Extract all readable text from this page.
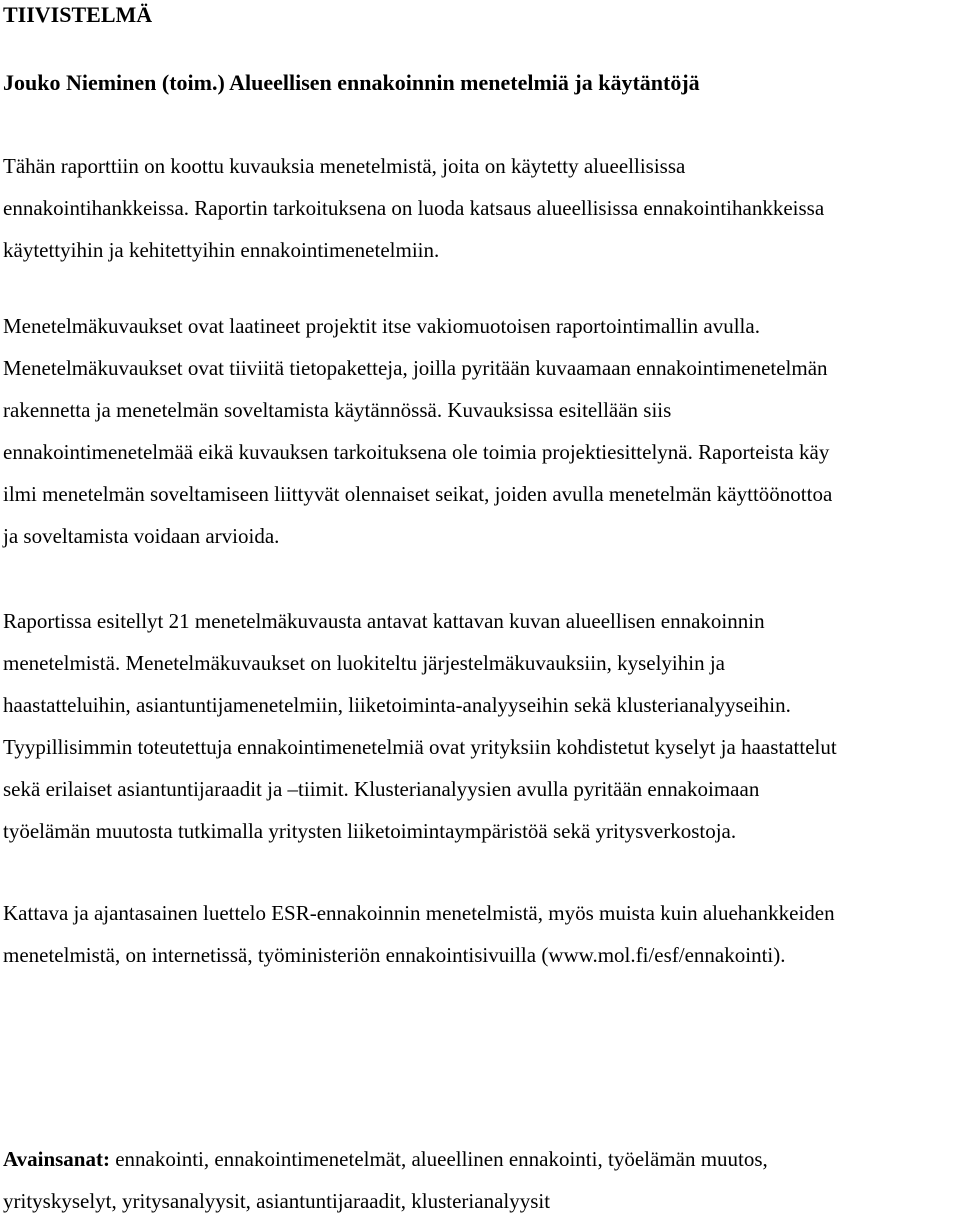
TIIVISTELMÄ
Jouko Nieminen (toim.) Alueellisen ennakoinnin menetelmiä ja käytäntöjä

Tähän raporttiin on koottu kuvauksia menetelmistä, joita on käytetty alueellisissa
ennakointihankkeissa. Raportin tarkoituksena on luoda katsaus alueellisissa ennakointihankkeissa
käytettyihin ja kehitettyihin ennakointimenetelmiin.

Menetelmäkuvaukset ovat laatineet projektit itse vakiomuotoisen raportointimallin avulla.
Menetelmäkuvaukset ovat tiiviitä tietopaketteja, joilla pyritään kuvaamaan ennakointimenetelmän
rakennetta ja menetelmän soveltamista käytännössä. Kuvauksissa esitellään siis
ennakointimenetelmää eikä kuvauksen tarkoituksena ole toimia projektiesittelynä. Raporteista käy
ilmi menetelmän soveltamiseen liittyvät olennaiset seikat, joiden avulla menetelmän käyttöönottoa
ja soveltamista voidaan arvioida.

Raportissa esitellyt 21 menetelmäkuvausta antavat kattavan kuvan alueellisen ennakoinnin
menetelmistä. Menetelmäkuvaukset on luokiteltu järjestelmäkuvauksiin, kyselyihin ja
haastatteluihin, asiantuntijamenetelmiin, liiketoiminta-analyyseihin sekä klusterianalyyseihin.
Tyypillisimmin toteutettuja ennakointimenetelmiä ovat yrityksiin kohdistetut kyselyt ja haastattelut
sekä erilaiset asiantuntijaraadit ja –tiimit. Klusterianalyysien avulla pyritään ennakoimaan
työelämän muutosta tutkimalla yritysten liiketoimintaympäristöä sekä yritysverkostoja.

Kattava ja ajantasainen luettelo ESR-ennakoinnin menetelmistä, myös muista kuin aluehankkeiden
menetelmistä, on internetissä, työministeriön ennakointisivuilla (www.mol.fi/esf/ennakointi).

Avainsanat: ennakointi, ennakointimenetelmät, alueellinen ennakointi, työelämän muutos,
yrityskyselyt, yritysanalyysit, asiantuntijaraadit, klusterianalyysit
